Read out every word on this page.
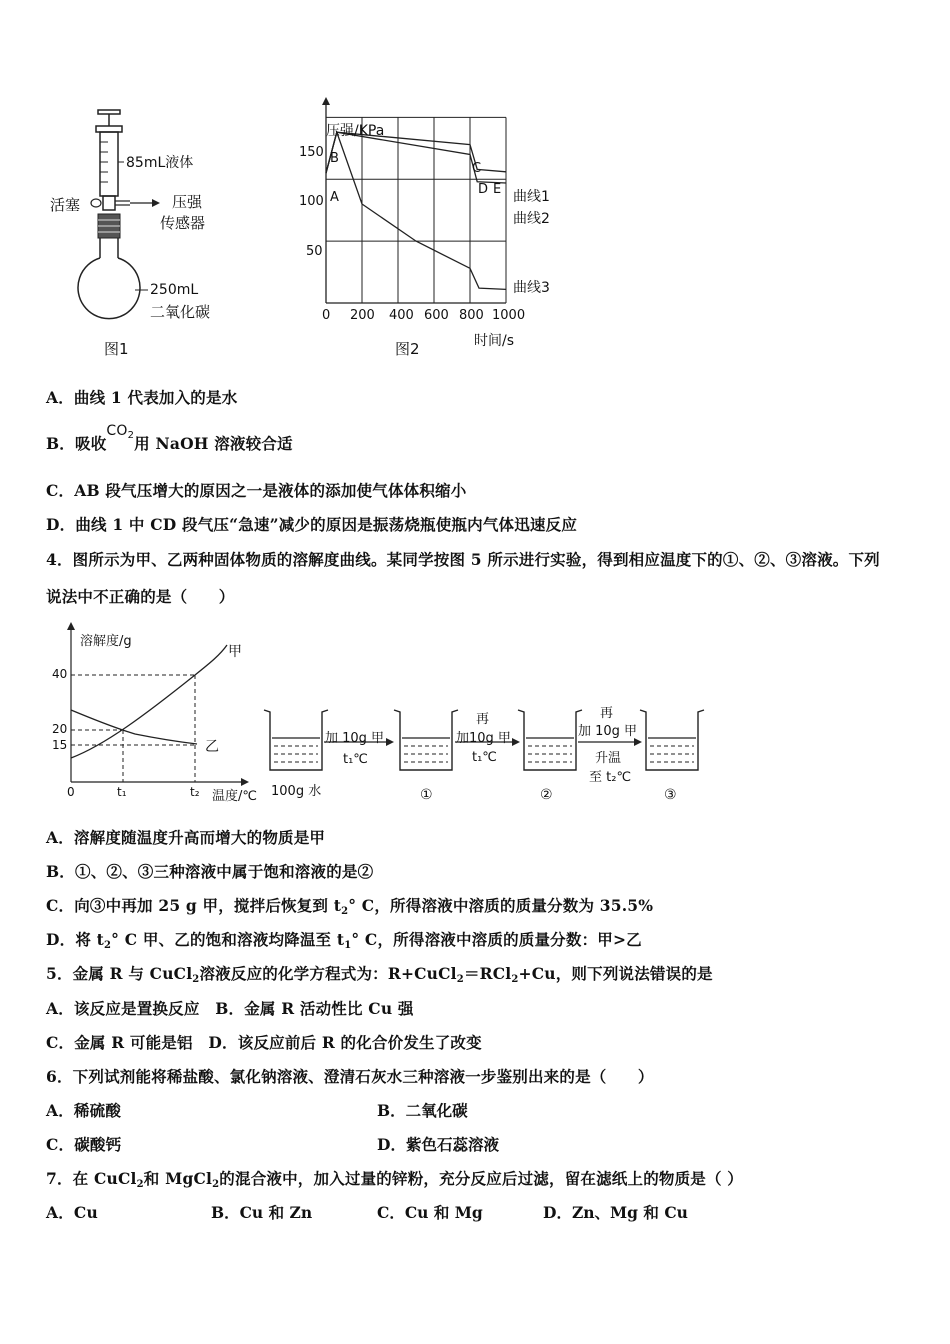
85mL液体
活塞	压强
传感器
250mL
二氧化碳
图1
压强/KPa
时间/s
图2
150
100
50
0 200 400 600 800 1000
A
B
C
D E 曲线1
曲线2
曲线3
A．曲线 1 代表加入的是水
B．吸收$CO_2$用 NaOH 溶液较合适
C．AB 段气压增大的原因之一是液体的添加使气体体积缩小
D．曲线 1 中 CD 段气压“急速”减少的原因是振荡烧瓶使瓶内气体迅速反应
4．图所示为甲、乙两种固体物质的溶解度曲线。某同学按图 5 所示进行实验，得到相应温度下的①、②、③溶液。下列
说法中不正确的是（　　）
溶解度/g
温度/℃
40
20
15
0	t₁	t₂
甲
乙
100g 水
加 10g 甲
t₁℃
再
加10g 甲
t₁℃
再
加 10g 甲
升温
至 t₂℃
①	②	③
A．溶解度随温度升高而增大的物质是甲
B．①、②、③三种溶液中属于饱和溶液的是②
C．向③中再加 25 g 甲，搅拌后恢复到 $t_2^\circ$ C，所得溶液中溶质的质量分数为 35.5%
D．将 $t_2^\circ$ C 甲、乙的饱和溶液均降温至 $t_1^\circ$ C，所得溶液中溶质的质量分数：甲>乙
5．金属 R 与 CuCl$_2$溶液反应的化学方程式为：R+CuCl$_2$＝RCl$_2$+Cu，则下列说法错误的是
A．该反应是置换反应　B．金属 R 活动性比 Cu 强
C．金属 R 可能是铝　D．该反应前后 R 的化合价发生了改变
6．下列试剂能将稀盐酸、氯化钠溶液、澄清石灰水三种溶液一步鉴别出来的是（　　）
A．稀硫酸	B．二氧化碳
C．碳酸钙	D．紫色石蕊溶液
7．在 CuCl$_2$和 MgCl$_2$的混合液中，加入过量的锌粉，充分反应后过滤，留在滤纸上的物质是（ ）
A．Cu	B．Cu 和 Zn	C．Cu 和 Mg	D．Zn、Mg 和 Cu
